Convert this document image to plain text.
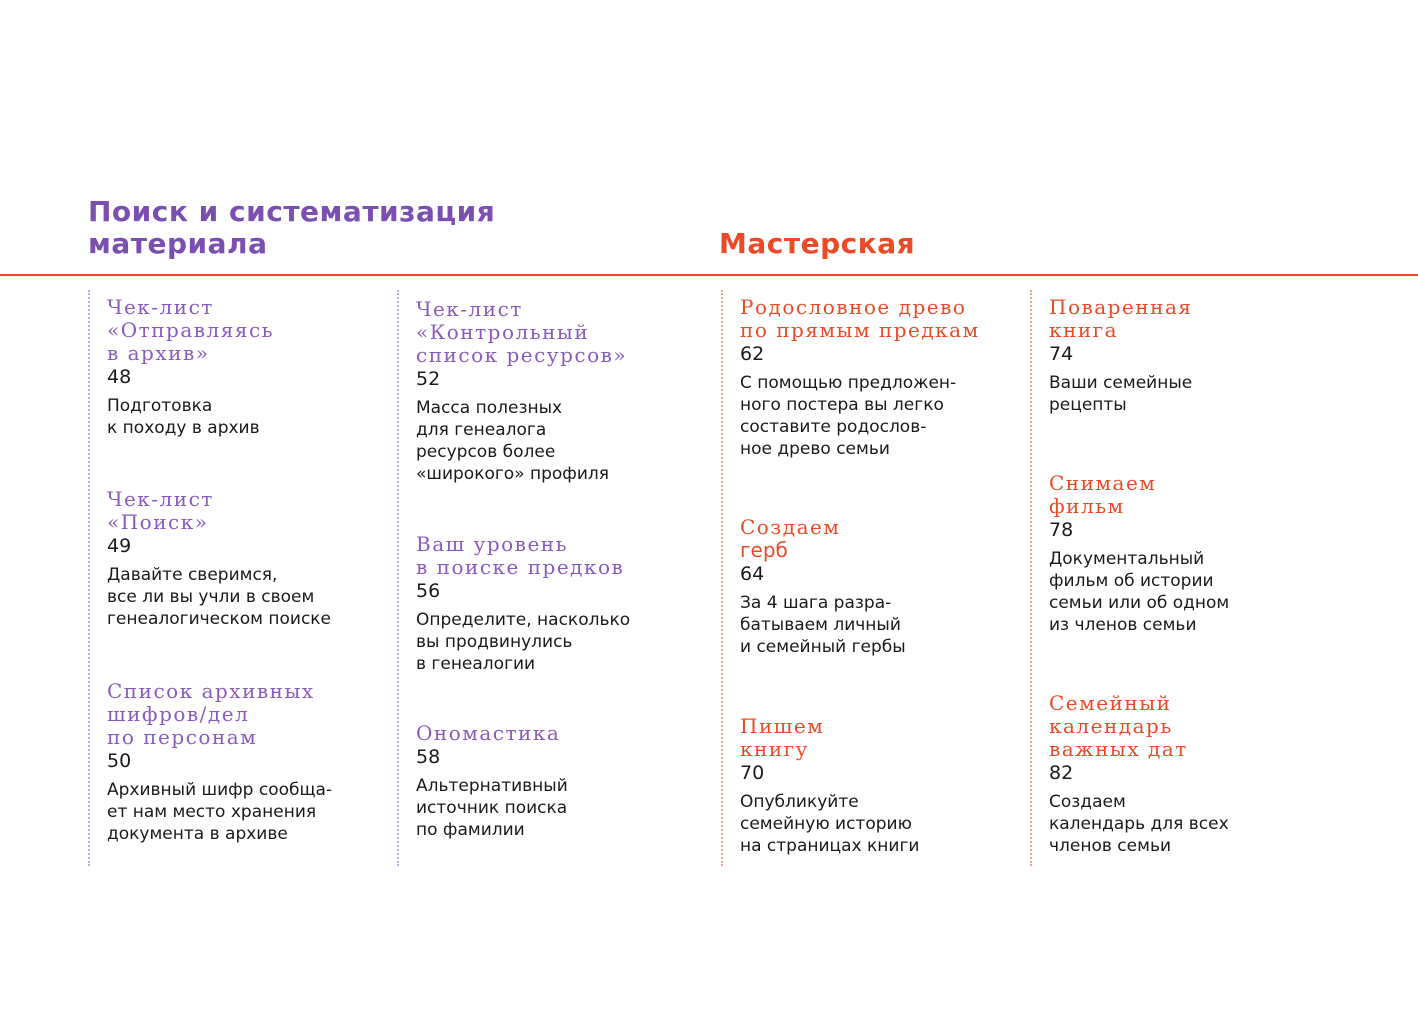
Поиск и систематизация
материала	Мастерская

Чек-лист
«Отправляясь
в архив»

48

Подготовка
к походу в архив

Чек-лист
«Поиск»

49

Давайте сверимся,
все ли вы учли в своем
генеалогическом поиске

Список архивных
шифров/дел
по персонам

50

Архивный шифр сообща-
ет нам место хранения
документа в архиве

Чек-лист
«Контрольный
список ресурсов»

52

Масса полезных
для генеалога
ресурсов более
«широкого» профиля

Ваш уровень
в поиске предков

56

Определите, насколько
вы продвинулись
в генеалогии

Ономастика

58

Альтернативный
источник поиска
по фамилии

Родословное древо
по прямым предкам

62

С помощью предложен-
ного постера вы легко
составите родослов-
ное древо семьи

Создаем

герб

64

За 4 шага разра-
батываем личный
и семейный гербы

Пишем
книгу

70

Опубликуйте
семейную историю
на страницах книги

Поваренная
книга

74

Ваши семейные
рецепты

Снимаем
фильм

78

Документальный
фильм об истории
семьи или об одном
из членов семьи

Семейный
календарь
важных дат

82

Создаем
календарь для всех
членов семьи
